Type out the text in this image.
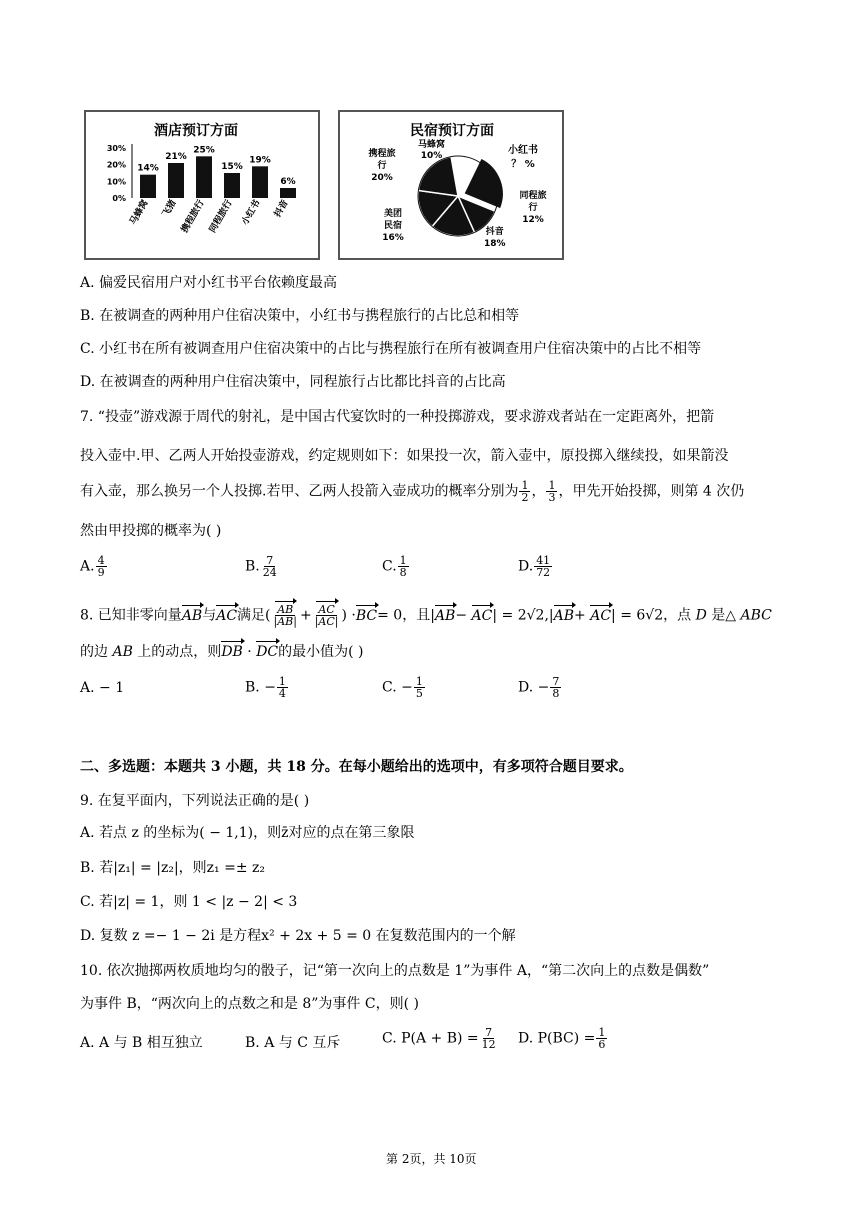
酒店预订方面
30%
20%
10%
0%
14%
马蜂窝
21%
飞猪
25%
携程旅行
15%
同程旅行
19%
小红书
6%
抖音
民宿预订方面
马蜂窝
10%	小红书
？ %
同程旅行
12%
抖音
18%
美团民宿
16%
携程旅行
20%
A. 偏爱民宿用户对小红书平台依赖度最高
B. 在被调查的两种用户住宿决策中，小红书与携程旅行的占比总和相等
C. 小红书在所有被调查用户住宿决策中的占比与携程旅行在所有被调查用户住宿决策中的占比不相等
D. 在被调查的两种用户住宿决策中，同程旅行占比都比抖音的占比高
7. “投壶”游戏源于周代的射礼，是中国古代宴饮时的一种投掷游戏，要求游戏者站在一定距离外，把箭
投入壶中.甲、乙两人开始投壶游戏，约定规则如下：如果投一次，箭入壶中，原投掷入继续投，如果箭没
有入壶，那么换另一个人投掷.若甲、乙两人投箭入壶成功的概率分别为 $\frac{1}{2}$ ， $\frac{1}{3}$ ，甲先开始投掷，则第 4 次仍
然由甲投掷的概率为( )
A. $\frac{4}{9}$	B. $\frac{7}{24}$	C. $\frac{1}{8}$	D. $\frac{41}{72}$
8. 已知非零向量AB与AC满足( $\frac{AB}{|AB|} + \frac{AC}{|AC|}$ ) ·BC= 0，且|AB− AC| = 2√2,|AB+ AC| = 6√2，点 D 是△ ABC
的边 AB 上的动点，则DB · DC的最小值为( )
A. − 1	B. − $\frac{1}{4}$	C. − $\frac{1}{5}$	D. − $\frac{7}{8}$
二、多选题：本题共 3 小题，共 18 分。在每小题给出的选项中，有多项符合题目要求。
9. 在复平面内，下列说法正确的是( )
A. 若点 z 的坐标为( − 1,1)，则z̄对应的点在第三象限
B. 若|z₁| = |z₂|，则z₁ =± z₂
C. 若|z| = 1，则 1 < |z − 2| < 3
D. 复数 z =− 1 − 2i 是方程x² + 2x + 5 = 0 在复数范围内的一个解
10. 依次抛掷两枚质地均匀的骰子，记“第一次向上的点数是 1”为事件 A，“第二次向上的点数是偶数”
为事件 B，“两次向上的点数之和是 8”为事件 C，则( )
A. A 与 B 相互独立	B. A 与 C 互斥	C. $P(A + B) = \frac{7}{12} D$. $P(BC) = \frac{1}{6}$
第 2页，共 10页
